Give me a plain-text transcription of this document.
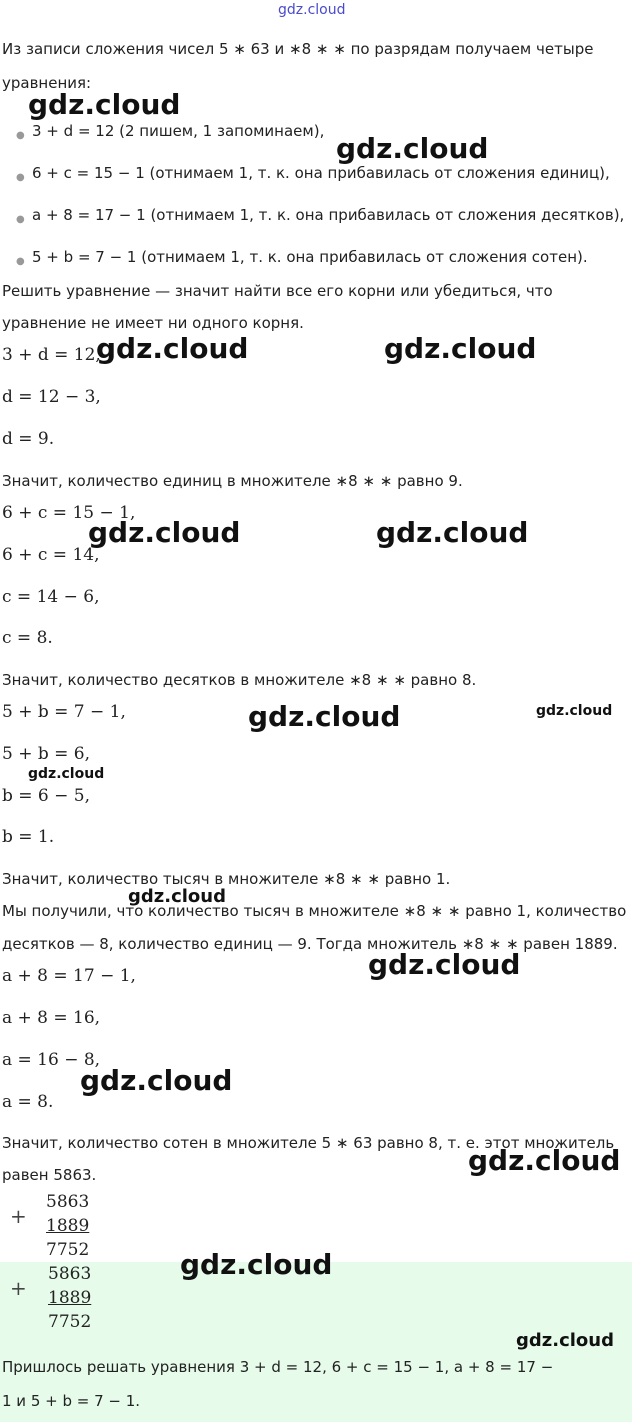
gdz.cloud
Из записи сложения чисел 5 ∗ 63 и ∗8 ∗ ∗ по разрядам получаем четыре
уравнения:
● 3 + d = 12 (2 пишем, 1 запоминаем),
● 6 + c = 15 − 1 (отнимаем 1, т. к. она прибавилась от сложения единиц),
● a + 8 = 17 − 1 (отнимаем 1, т. к. она прибавилась от сложения десятков),
● 5 + b = 7 − 1 (отнимаем 1, т. к. она прибавилась от сложения сотен).
Решить уравнение — значит найти все его корни или убедиться, что
уравнение не имеет ни одного корня.
3 + d = 12,
d = 12 − 3,
d = 9.
Значит, количество единиц в множителе ∗8 ∗ ∗ равно 9.
6 + c = 15 − 1,
6 + c = 14,
c = 14 − 6,
c = 8.
Значит, количество десятков в множителе ∗8 ∗ ∗ равно 8.
5 + b = 7 − 1,
5 + b = 6,
b = 6 − 5,
b = 1.
Значит, количество тысяч в множителе ∗8 ∗ ∗ равно 1.
Мы получили, что количество тысяч в множителе ∗8 ∗ ∗ равно 1, количество
десятков — 8, количество единиц — 9. Тогда множитель ∗8 ∗ ∗ равен 1889.
a + 8 = 17 − 1,
a + 8 = 16,
a = 16 − 8,
a = 8.
Значит, количество сотен в множителе 5 ∗ 63 равно 8, т. е. этот множитель
равен 5863.
+
5863
1889
7752
+
5863
1889
7752
Пришлось решать уравнения 3 + d = 12, 6 + c = 15 − 1, a + 8 = 17 −
1 и 5 + b = 7 − 1.
gdz.cloud
gdz.cloud
gdz.cloud	gdz.cloud
gdz.cloud	gdz.cloud
gdz.cloud	gdz.cloud
gdz.cloud
gdz.cloud
gdz.cloud
gdz.cloud
gdz.cloud
gdz.cloud
gdz.cloud
